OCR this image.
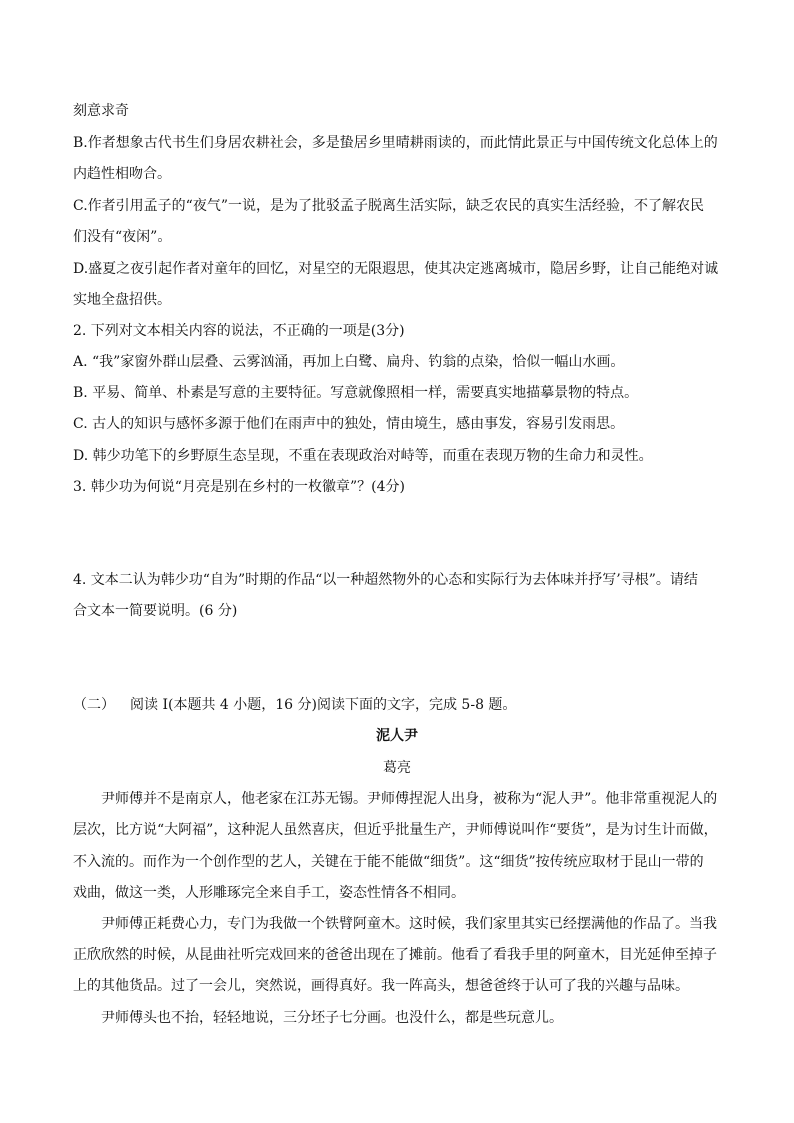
刻意求奇
B.作者想象古代书生们身居农耕社会，多是蛰居乡里晴耕雨读的，而此情此景正与中国传统文化总体上的
内趋性相吻合。
C.作者引用孟子的“夜气”一说，是为了批驳孟子脱离生活实际，缺乏农民的真实生活经验，不了解农民
们没有“夜闲”。
D.盛夏之夜引起作者对童年的回忆，对星空的无限遐思，使其决定逃离城市，隐居乡野，让自己能绝对诚
实地全盘招供。
2. 下列对文本相关内容的说法，不正确的一项是(3分)
A. “我”家窗外群山层叠、云雾汹涌，再加上白鹭、扁舟、钓翁的点染，恰似一幅山水画。
B. 平易、简单、朴素是写意的主要特征。写意就像照相一样，需要真实地描摹景物的特点。
C. 古人的知识与感怀多源于他们在雨声中的独处，情由境生，感由事发，容易引发雨思。
D. 韩少功笔下的乡野原生态呈现，不重在表现政治对峙等，而重在表现万物的生命力和灵性。
3. 韩少功为何说“月亮是别在乡村的一枚徽章”？(4分)
4. 文本二认为韩少功“自为”时期的作品“以一种超然物外的心态和实际行为去体味并抒写’寻根”。请结
合文本一简要说明。(6 分)
（二） 阅读 I(本题共 4 小题，16 分)阅读下面的文字，完成 5-8 题。
泥人尹
葛亮
尹师傅并不是南京人，他老家在江苏无锡。尹师傅捏泥人出身，被称为“泥人尹”。他非常重视泥人的
层次，比方说“大阿福”，这种泥人虽然喜庆，但近乎批量生产，尹师傅说叫作“要货”，是为讨生计而做，
不入流的。而作为一个创作型的艺人，关键在于能不能做“细货”。这“细货”按传统应取材于昆山一带的
戏曲，做这一类，人形雕琢完全来自手工，姿态性情各不相同。
尹师傅正耗费心力，专门为我做一个铁臂阿童木。这时候，我们家里其实已经摆满他的作品了。当我
正欣欣然的时候，从昆曲社听完戏回来的爸爸出现在了摊前。他看了看我手里的阿童木，目光延伸至掉子
上的其他货品。过了一会儿，突然说，画得真好。我一阵高头，想爸爸终于认可了我的兴趣与品味。
尹师傅头也不抬，轻轻地说，三分坯子七分画。也没什么，都是些玩意儿。
